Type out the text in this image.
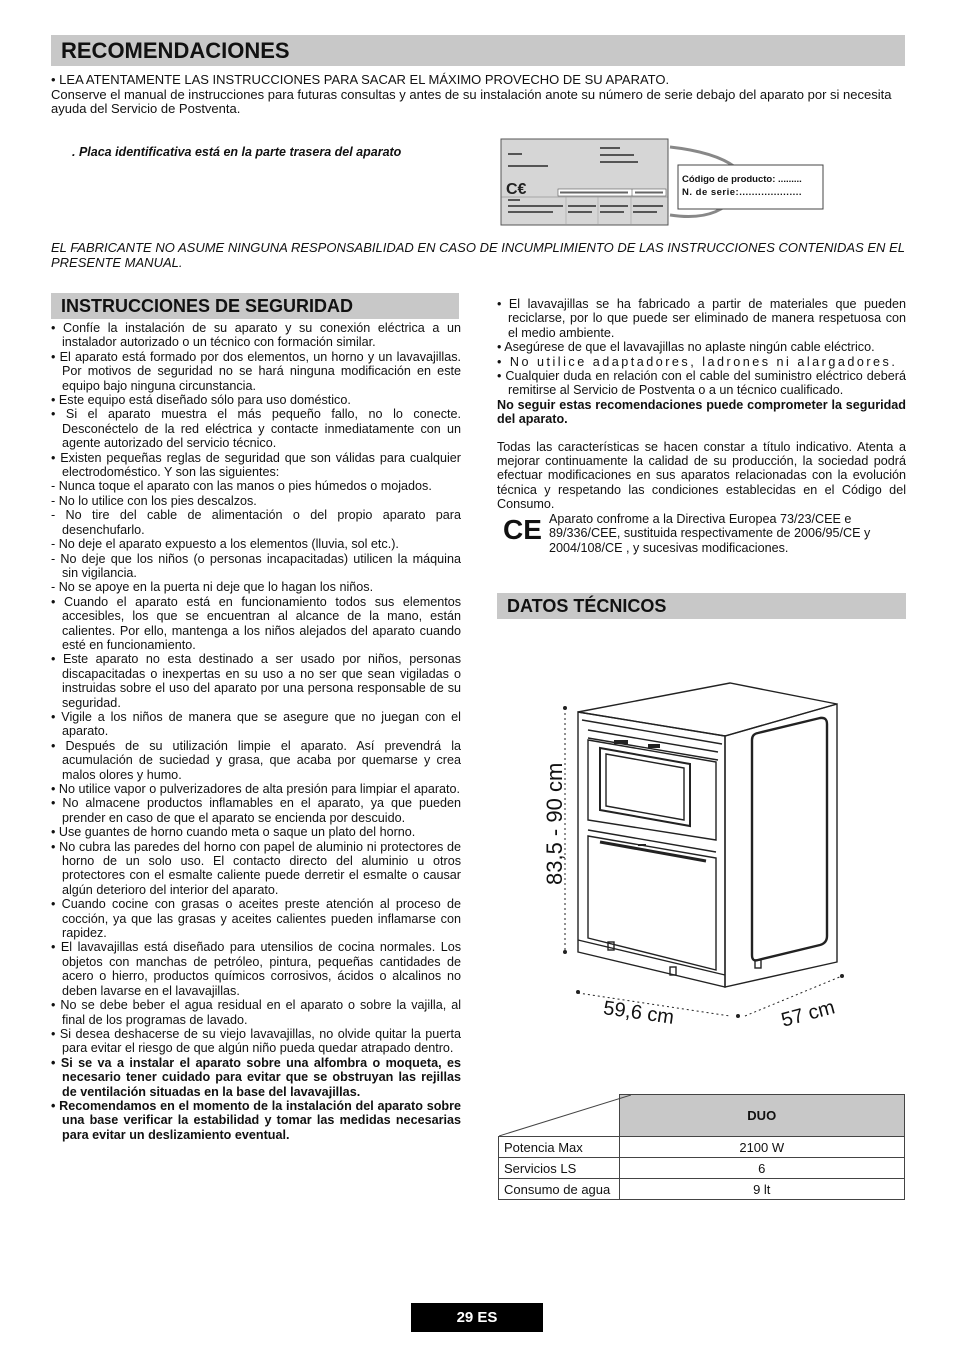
RECOMENDACIONES
• LEA ATENTAMENTE LAS INSTRUCCIONES PARA SACAR EL MÁXIMO PROVECHO DE SU APARATO.
Conserve el manual de instrucciones para futuras consultas y antes de su instalación anote su número de serie debajo del aparato por si necesita ayuda del Servicio de Postventa.
. Placa identificativa está en la parte trasera del aparato
C€
Código de producto: .........
N. de serie:....................
EL FABRICANTE NO ASUME NINGUNA RESPONSABILIDAD EN CASO DE INCUMPLIMIENTO DE LAS INSTRUCCIONES CONTENIDAS EN EL PRESENTE MANUAL.
INSTRUCCIONES DE SEGURIDAD

• Confíe la instalación de su aparato y su conexión eléctrica a un instalador autorizado o un técnico con formación similar.

• El aparato está formado por dos elementos, un horno y un lavavajillas. Por motivos de seguridad no se hará ninguna modificación en este equipo bajo ninguna circunstancia.

• Este equipo está diseñado sólo para uso doméstico.

• Si el aparato muestra el más pequeño fallo, no lo conecte. Desconéctelo de la red eléctrica y contacte inmediatamente con un agente autorizado del servicio técnico.

• Existen pequeñas reglas de seguridad que son válidas para cualquier electrodoméstico. Y son las siguientes:

- Nunca toque el aparato con las manos o pies húmedos o mojados.

- No lo utilice con los pies descalzos.

- No tire del cable de alimentación o del propio aparato para desenchufarlo.

- No deje el aparato expuesto a los elementos (lluvia, sol etc.).

- No deje que los niños (o personas incapacitadas) utilicen la máquina sin vigilancia.

- No se apoye en la puerta ni deje que lo hagan los niños.

• Cuando el aparato está en funcionamiento todos sus elementos accesibles, los que se encuentran al alcance de la mano, están calientes. Por ello, mantenga a los niños alejados del aparato cuando esté en funcionamiento.

• Este aparato no esta destinado a ser usado por niños, personas discapacitadas o inexpertas en su uso a no ser que sean vigiladas o instruidas sobre el uso del aparato por una persona responsable de su seguridad.

• Vigile a los niños de manera que se asegure que no juegan con el aparato.

• Después de su utilización limpie el aparato. Así prevendrá la acumulación de suciedad y grasa, que acaba por quemarse y crea malos olores y humo.

• No utilice vapor o pulverizadores de alta presión para limpiar el aparato.

• No almacene productos inflamables en el aparato, ya que pueden prender en caso de que el aparato se encienda por descuido.

• Use guantes de horno cuando meta o saque un plato del horno.

• No cubra las paredes del horno con papel de aluminio ni protectores de horno de un solo uso. El contacto directo del aluminio u otros protectores con el esmalte caliente puede derretir el esmalte o causar algún deterioro del interior del aparato.

• Cuando cocine con grasas o aceites preste atención al proceso de cocción, ya que las grasas y aceites calientes pueden inflamarse con rapidez.

• El lavavajillas está diseñado para utensilios de cocina normales. Los objetos con manchas de petróleo, pintura, pequeñas cantidades de acero o hierro, productos químicos corrosivos, ácidos o alcalinos no deben lavarse en el lavavajillas.

• No se debe beber el agua residual en el aparato o sobre la vajilla, al final de los programas de lavado.

• Si desea deshacerse de su viejo lavavajillas, no olvide quitar la puerta para evitar el riesgo de que algún niño pueda quedar atrapado dentro.

• Si se va a instalar el aparato sobre una alfombra o moqueta, es necesario tener cuidado para evitar que se obstruyan las rejillas de ventilación situadas en la base del lavavajillas.

• Recomendamos en el momento de la instalación del aparato sobre una base verificar la estabilidad y tomar las medidas necesarias para evitar un deslizamiento eventual.

• El lavavajillas se ha fabricado a partir de materiales que pueden reciclarse, por lo que puede ser eliminado de manera respetuosa con el medio ambiente.

• Asegúrese de que el lavavajillas no aplaste ningún cable eléctrico.

• No utilice adaptadores, ladrones ni alargadores.

• Cualquier duda en relación con el cable del suministro eléctrico deberá remitirse al Servicio de Postventa o a un técnico cualificado.

No seguir estas recomendaciones puede comprometer la seguridad del aparato.

Todas las características se hacen constar a título indicativo. Atenta a mejorar continuamente la calidad de su producción, la sociedad podrá efectuar modificaciones en sus aparatos relacionadas con la evolución técnica y respetando las condiciones establecidas en el Código del Consumo.

CE Aparato confrome a la Directiva Europea 73/23/CEE e 89/336/CEE, sustituida respectivamente de 2006/95/CE y 2004/108/CE , y sucesivas modificaciones.
DATOS TÉCNICOS
83,5 - 90 cm
59,6 cm	57 cm
	DUO
Potencia Max	2100 W
Servicios LS	6
Consumo de agua	9 lt
29 ES
